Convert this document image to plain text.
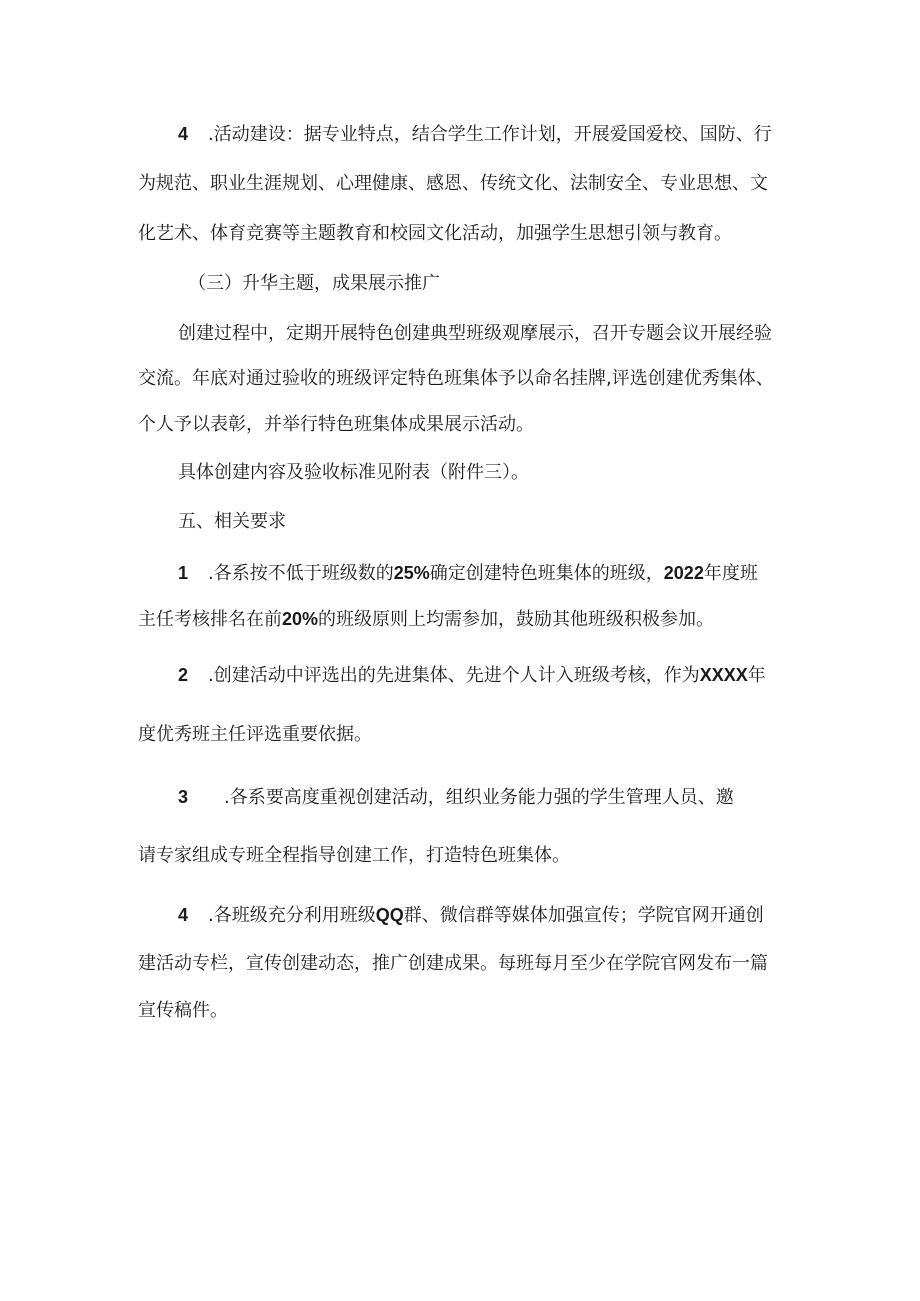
4 .活动建设：据专业特点，结合学生工作计划，开展爱国爱校、国防、行
为规范、职业生涯规划、心理健康、感恩、传统文化、法制安全、专业思想、文
化艺术、体育竞赛等主题教育和校园文化活动，加强学生思想引领与教育。
（三）升华主题，成果展示推广
创建过程中，定期开展特色创建典型班级观摩展示，召开专题会议开展经验
交流。年底对通过验收的班级评定特色班集体予以命名挂牌,评选创建优秀集体、
个人予以表彰，并举行特色班集体成果展示活动。
具体创建内容及验收标准见附表（附件三）。
五、相关要求
1 .各系按不低于班级数的25%确定创建特色班集体的班级，2022年度班
主任考核排名在前20%的班级原则上均需参加，鼓励其他班级积极参加。
2 .创建活动中评选出的先进集体、先进个人计入班级考核，作为XXXX年
度优秀班主任评选重要依据。
3 .各系要高度重视创建活动，组织业务能力强的学生管理人员、邀
请专家组成专班全程指导创建工作，打造特色班集体。
4 .各班级充分利用班级QQ群、微信群等媒体加强宣传；学院官网开通创
建活动专栏，宣传创建动态，推广创建成果。每班每月至少在学院官网发布一篇
宣传稿件。
